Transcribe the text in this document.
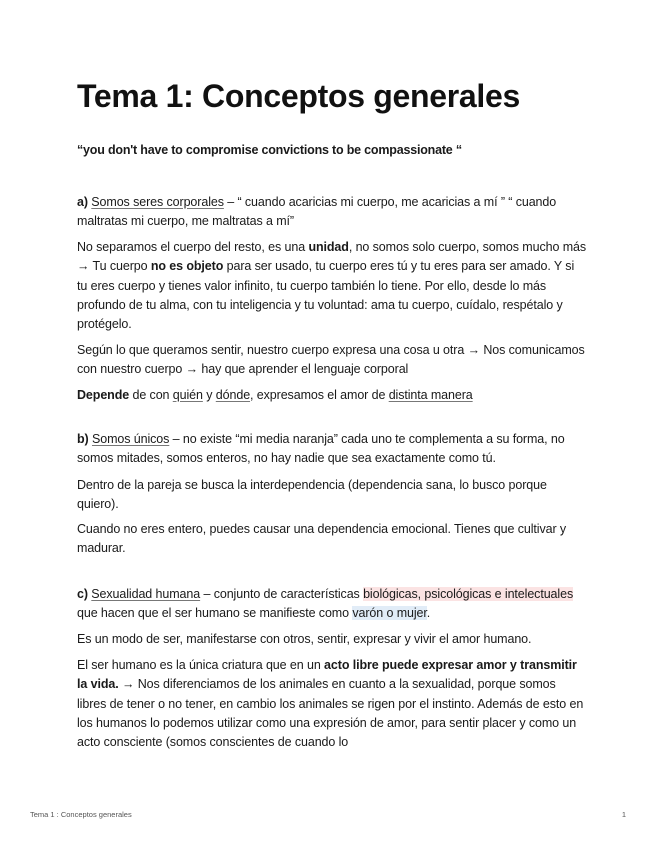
Tema 1: Conceptos generales

“you don't have to compromise convictions to be compassionate “

a) Somos seres corporales – “ cuando acaricias mi cuerpo, me acaricias a mí ” “ cuando maltratas mi cuerpo, me maltratas a mí”

No separamos el cuerpo del resto, es una unidad, no somos solo cuerpo, somos mucho más → Tu cuerpo no es objeto para ser usado, tu cuerpo eres tú y tu eres para ser amado. Y si tu eres cuerpo y tienes valor infinito, tu cuerpo también lo tiene. Por ello, desde lo más profundo de tu alma, con tu inteligencia y tu voluntad: ama tu cuerpo, cuídalo, respétalo y protégelo.

Según lo que queramos sentir, nuestro cuerpo expresa una cosa u otra → Nos comunicamos con nuestro cuerpo → hay que aprender el lenguaje corporal

Depende de con quién y dónde, expresamos el amor de distinta manera

b) Somos únicos – no existe “mi media naranja” cada uno te complementa a su forma, no somos mitades, somos enteros, no hay nadie que sea exactamente como tú.

Dentro de la pareja se busca la interdependencia (dependencia sana, lo busco porque quiero).

Cuando no eres entero, puedes causar una dependencia emocional. Tienes que cultivar y madurar.

c) Sexualidad humana – conjunto de características biológicas, psicológicas e intelectuales que hacen que el ser humano se manifieste como varón o mujer.

Es un modo de ser, manifestarse con otros, sentir, expresar y vivir el amor humano.

El ser humano es la única criatura que en un acto libre puede expresar amor y transmitir la vida. → Nos diferenciamos de los animales en cuanto a la sexualidad, porque somos libres de tener o no tener, en cambio los animales se rigen por el instinto. Además de esto en los humanos lo podemos utilizar como una expresión de amor, para sentir placer y como un acto consciente (somos conscientes de cuando lo

Tema 1 : Conceptos generales	1
